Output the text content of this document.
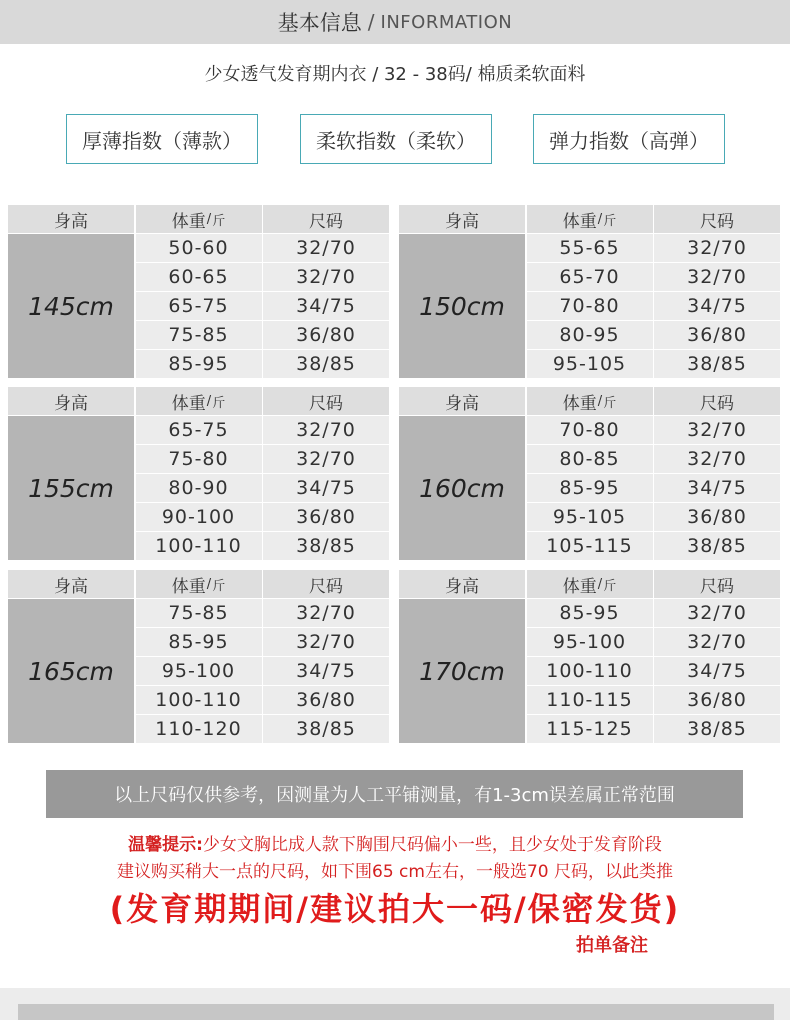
基本信息 / INFORMATION
少女透气发育期内衣 / 32 - 38码/ 棉质柔软面料
厚薄指数（薄款）	柔软指数（柔软）	弹力指数（高弹）
身高	体重 / 斤	尺码
145cm
50-60	32/70
60-65	32/70
65-75	34/75
75-85	36/80
85-95	38/85
身高	体重 / 斤	尺码
150cm
55-65	32/70
65-70	32/70
70-80	34/75
80-95	36/80
95-105	38/85
身高	体重 / 斤	尺码
155cm
65-75	32/70
75-80	32/70
80-90	34/75
90-100	36/80
100-110	38/85
身高	体重 / 斤	尺码
160cm
70-80	32/70
80-85	32/70
85-95	34/75
95-105	36/80
105-115	38/85
身高	体重 / 斤	尺码
165cm
75-85	32/70
85-95	32/70
95-100	34/75
100-110	36/80
110-120	38/85
身高	体重 / 斤	尺码
170cm
85-95	32/70
95-100	32/70
100-110	34/75
110-115	36/80
115-125	38/85
以上尺码仅供参考，因测量为人工平铺测量，有1-3cm误差属正常范围
温馨提示:少女文胸比成人款下胸围尺码偏小一些，且少女处于发育阶段
建议购买稍大一点的尺码，如下围65 cm左右，一般选70 尺码，以此类推
(发育期期间/建议拍大一码/保密发货)
拍单备注
